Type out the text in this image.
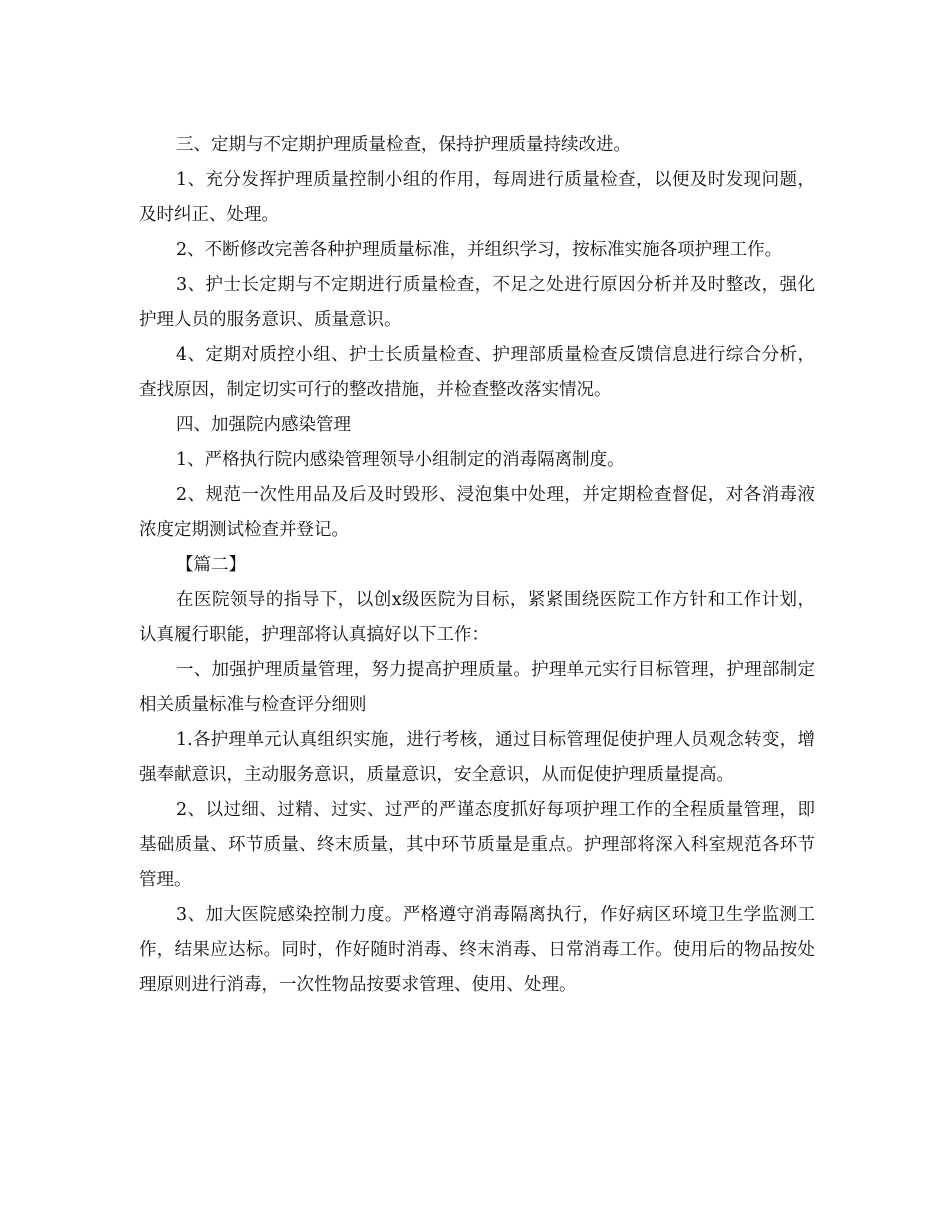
三、定期与不定期护理质量检查，保持护理质量持续改进。

1、充分发挥护理质量控制小组的作用，每周进行质量检查，以便及时发现问题，及时纠正、处理。

2、不断修改完善各种护理质量标准，并组织学习，按标准实施各项护理工作。

3、护士长定期与不定期进行质量检查，不足之处进行原因分析并及时整改，强化护理人员的服务意识、质量意识。

4、定期对质控小组、护士长质量检查、护理部质量检查反馈信息进行综合分析，查找原因，制定切实可行的整改措施，并检查整改落实情况。

四、加强院内感染管理

1、严格执行院内感染管理领导小组制定的消毒隔离制度。

2、规范一次性用品及后及时毁形、浸泡集中处理，并定期检查督促，对各消毒液浓度定期测试检查并登记。

【篇二】

在医院领导的指导下，以创x级医院为目标，紧紧围绕医院工作方针和工作计划，认真履行职能，护理部将认真搞好以下工作：

一、加强护理质量管理，努力提高护理质量。护理单元实行目标管理，护理部制定相关质量标准与检查评分细则

1.各护理单元认真组织实施，进行考核，通过目标管理促使护理人员观念转变，增强奉献意识，主动服务意识，质量意识，安全意识，从而促使护理质量提高。

2、以过细、过精、过实、过严的严谨态度抓好每项护理工作的全程质量管理，即基础质量、环节质量、终末质量，其中环节质量是重点。护理部将深入科室规范各环节管理。

3、加大医院感染控制力度。严格遵守消毒隔离执行，作好病区环境卫生学监测工作，结果应达标。同时，作好随时消毒、终末消毒、日常消毒工作。使用后的物品按处理原则进行消毒，一次性物品按要求管理、使用、处理。
